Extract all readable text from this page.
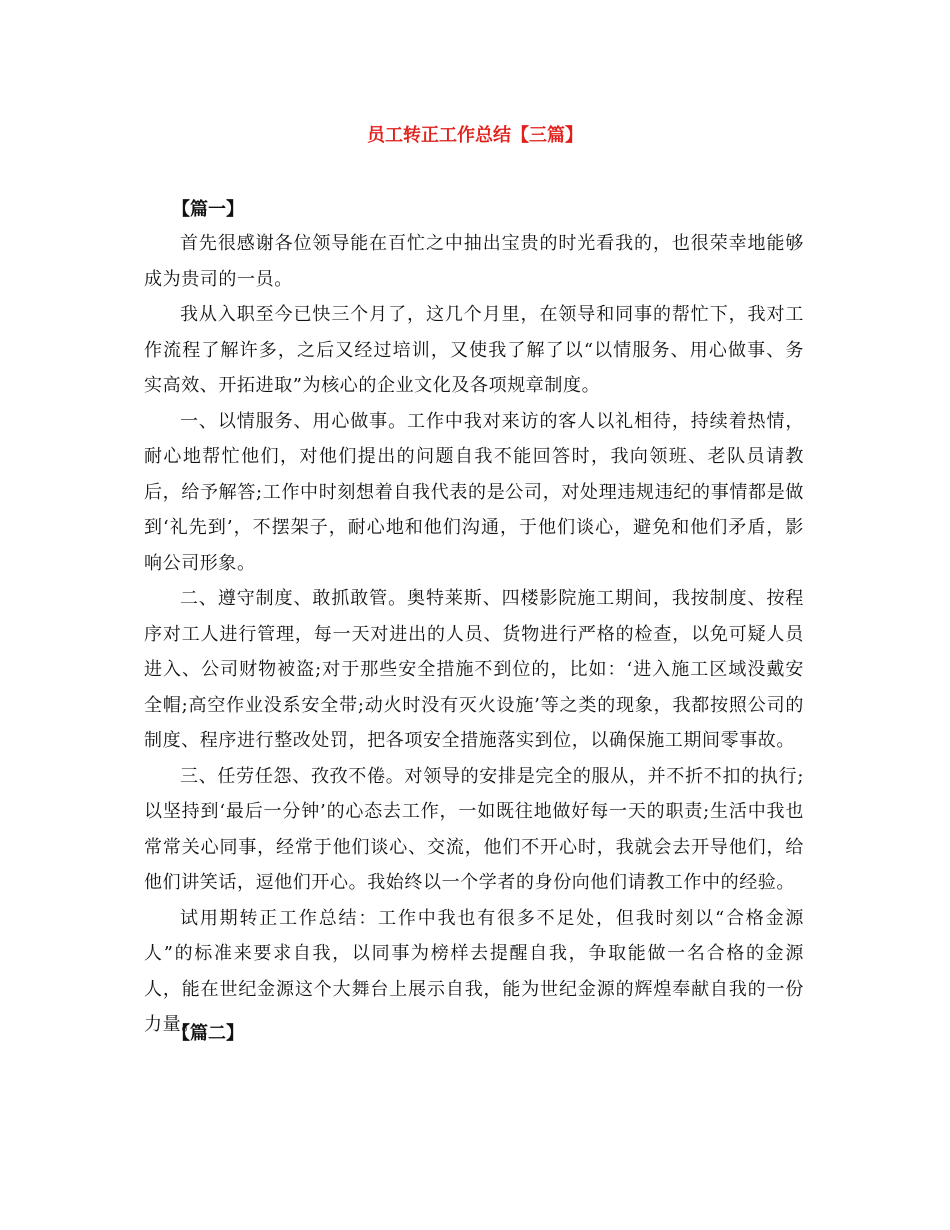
员工转正工作总结【三篇】
【篇一】

首先很感谢各位领导能在百忙之中抽出宝贵的时光看我的，也很荣幸地能够成为贵司的一员。

我从入职至今已快三个月了，这几个月里，在领导和同事的帮忙下，我对工作流程了解许多，之后又经过培训，又使我了解了以“以情服务、用心做事、务实高效、开拓进取”为核心的企业文化及各项规章制度。

一、以情服务、用心做事。工作中我对来访的客人以礼相待，持续着热情，耐心地帮忙他们，对他们提出的问题自我不能回答时，我向领班、老队员请教后，给予解答;工作中时刻想着自我代表的是公司，对处理违规违纪的事情都是做到‘礼先到’，不摆架子，耐心地和他们沟通，于他们谈心，避免和他们矛盾，影响公司形象。

二、遵守制度、敢抓敢管。奥特莱斯、四楼影院施工期间，我按制度、按程序对工人进行管理，每一天对进出的人员、货物进行严格的检查，以免可疑人员进入、公司财物被盗;对于那些安全措施不到位的，比如：‘进入施工区域没戴安全帽;高空作业没系安全带;动火时没有灭火设施’等之类的现象，我都按照公司的制度、程序进行整改处罚，把各项安全措施落实到位，以确保施工期间零事故。

三、任劳任怨、孜孜不倦。对领导的安排是完全的服从，并不折不扣的执行;以坚持到‘最后一分钟’的心态去工作，一如既往地做好每一天的职责;生活中我也常常关心同事，经常于他们谈心、交流，他们不开心时，我就会去开导他们，给他们讲笑话，逗他们开心。我始终以一个学者的身份向他们请教工作中的经验。

试用期转正工作总结：工作中我也有很多不足处，但我时刻以“合格金源人”的标准来要求自我，以同事为榜样去提醒自我，争取能做一名合格的金源人，能在世纪金源这个大舞台上展示自我，能为世纪金源的辉煌奉献自我的一份力量。

【篇二】
